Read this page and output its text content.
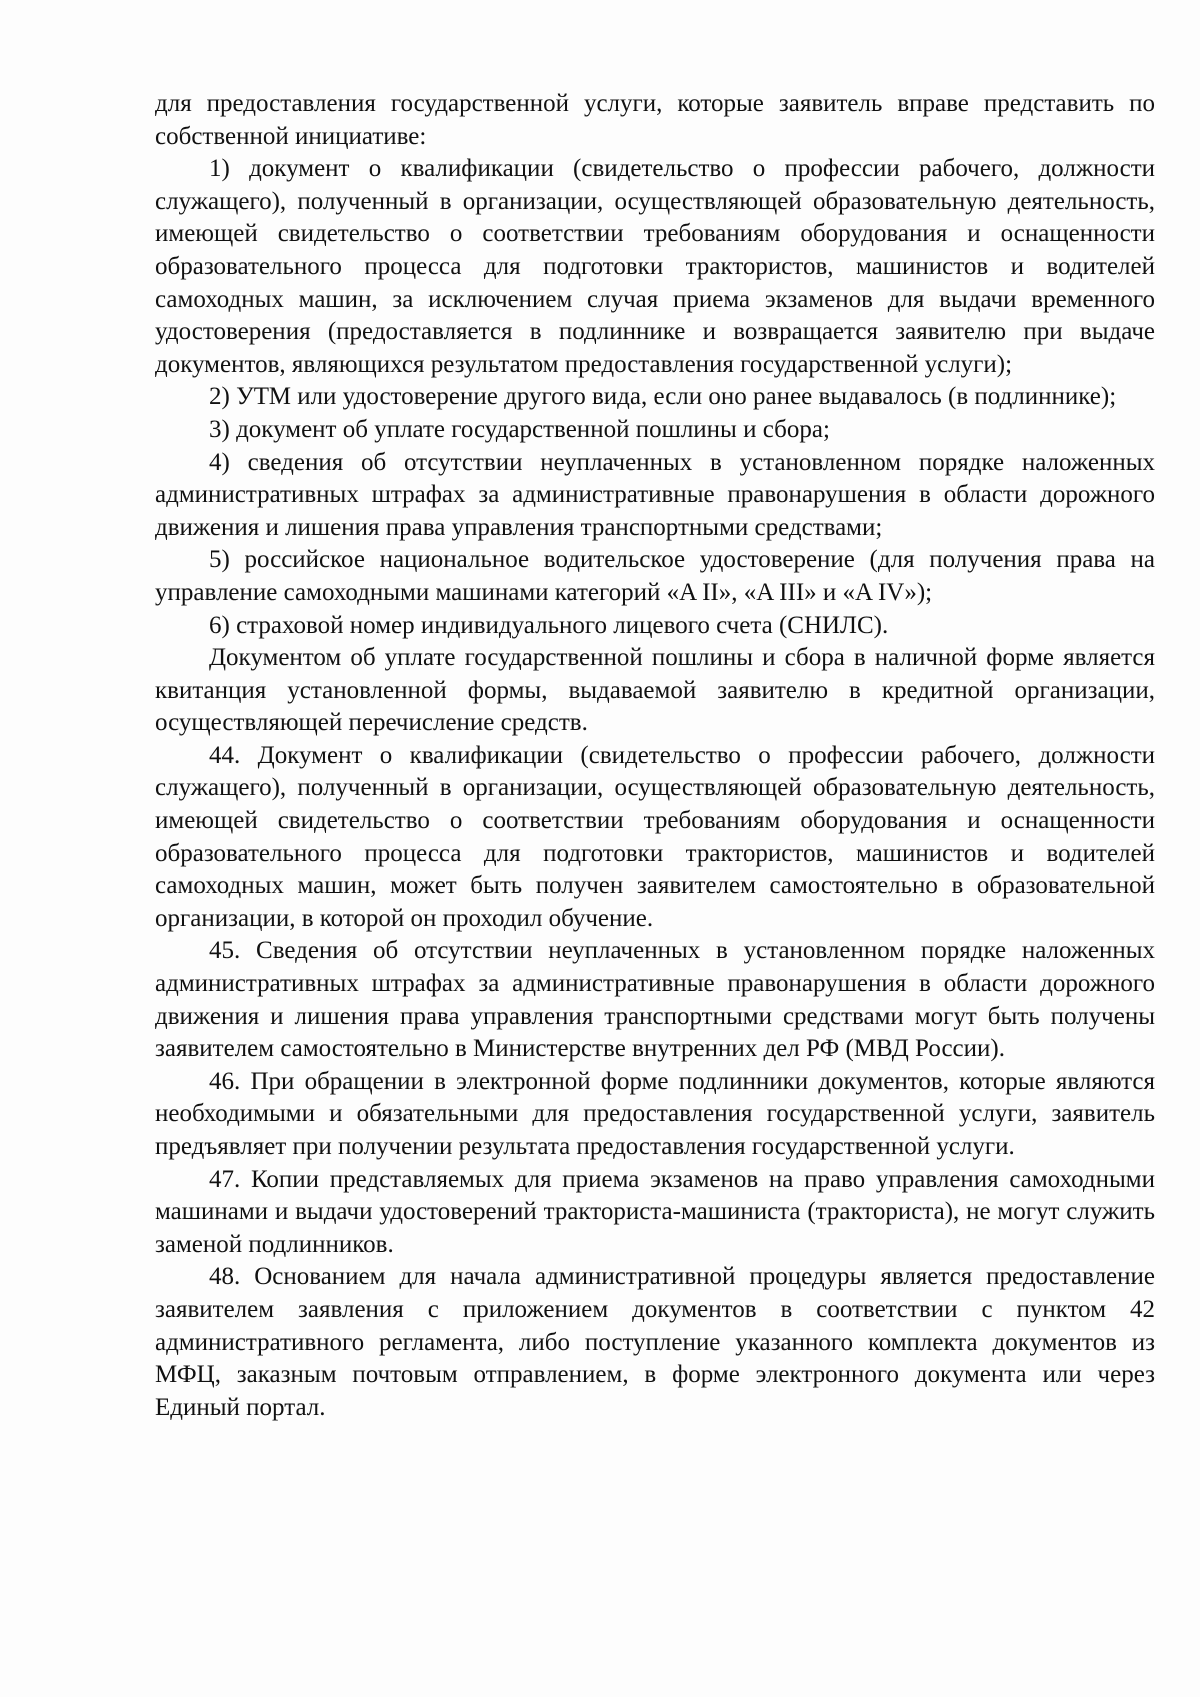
для предоставления государственной услуги, которые заявитель вправе представить по собственной инициативе:

1) документ о квалификации (свидетельство о профессии рабочего, должности служащего), полученный в организации, осуществляющей образовательную деятельность, имеющей свидетельство о соответствии требованиям оборудования и оснащенности образовательного процесса для подготовки трактористов, машинистов и водителей самоходных машин, за исключением случая приема экзаменов для выдачи временного удостоверения (предоставляется в подлиннике и возвращается заявителю при выдаче документов, являющихся результатом предоставления государственной услуги);

2) УТМ или удостоверение другого вида, если оно ранее выдавалось (в подлиннике);

3) документ об уплате государственной пошлины и сбора;

4) сведения об отсутствии неуплаченных в установленном порядке наложенных административных штрафах за административные правонарушения в области дорожного движения и лишения права управления транспортными средствами;

5) российское национальное водительское удостоверение (для получения права на управление самоходными машинами категорий «A II», «A III» и «A IV»);

6) страховой номер индивидуального лицевого счета (СНИЛС).

Документом об уплате государственной пошлины и сбора в наличной форме является квитанция установленной формы, выдаваемой заявителю в кредитной организации, осуществляющей перечисление средств.

44. Документ о квалификации (свидетельство о профессии рабочего, должности служащего), полученный в организации, осуществляющей образовательную деятельность, имеющей свидетельство о соответствии требованиям оборудования и оснащенности образовательного процесса для подготовки трактористов, машинистов и водителей самоходных машин, может быть получен заявителем самостоятельно в образовательной организации, в которой он проходил обучение.

45. Сведения об отсутствии неуплаченных в установленном порядке наложенных административных штрафах за административные правонарушения в области дорожного движения и лишения права управления транспортными средствами могут быть получены заявителем самостоятельно в Министерстве внутренних дел РФ (МВД России).

46. При обращении в электронной форме подлинники документов, которые являются необходимыми и обязательными для предоставления государственной услуги, заявитель предъявляет при получении результата предоставления государственной услуги.

47. Копии представляемых для приема экзаменов на право управления самоходными машинами и выдачи удостоверений тракториста-машиниста (тракториста), не могут служить заменой подлинников.

48. Основанием для начала административной процедуры является предоставление заявителем заявления с приложением документов в соответствии с пунктом 42 административного регламента, либо поступление указанного комплекта документов из МФЦ, заказным почтовым отправлением, в форме электронного документа или через Единый портал.
